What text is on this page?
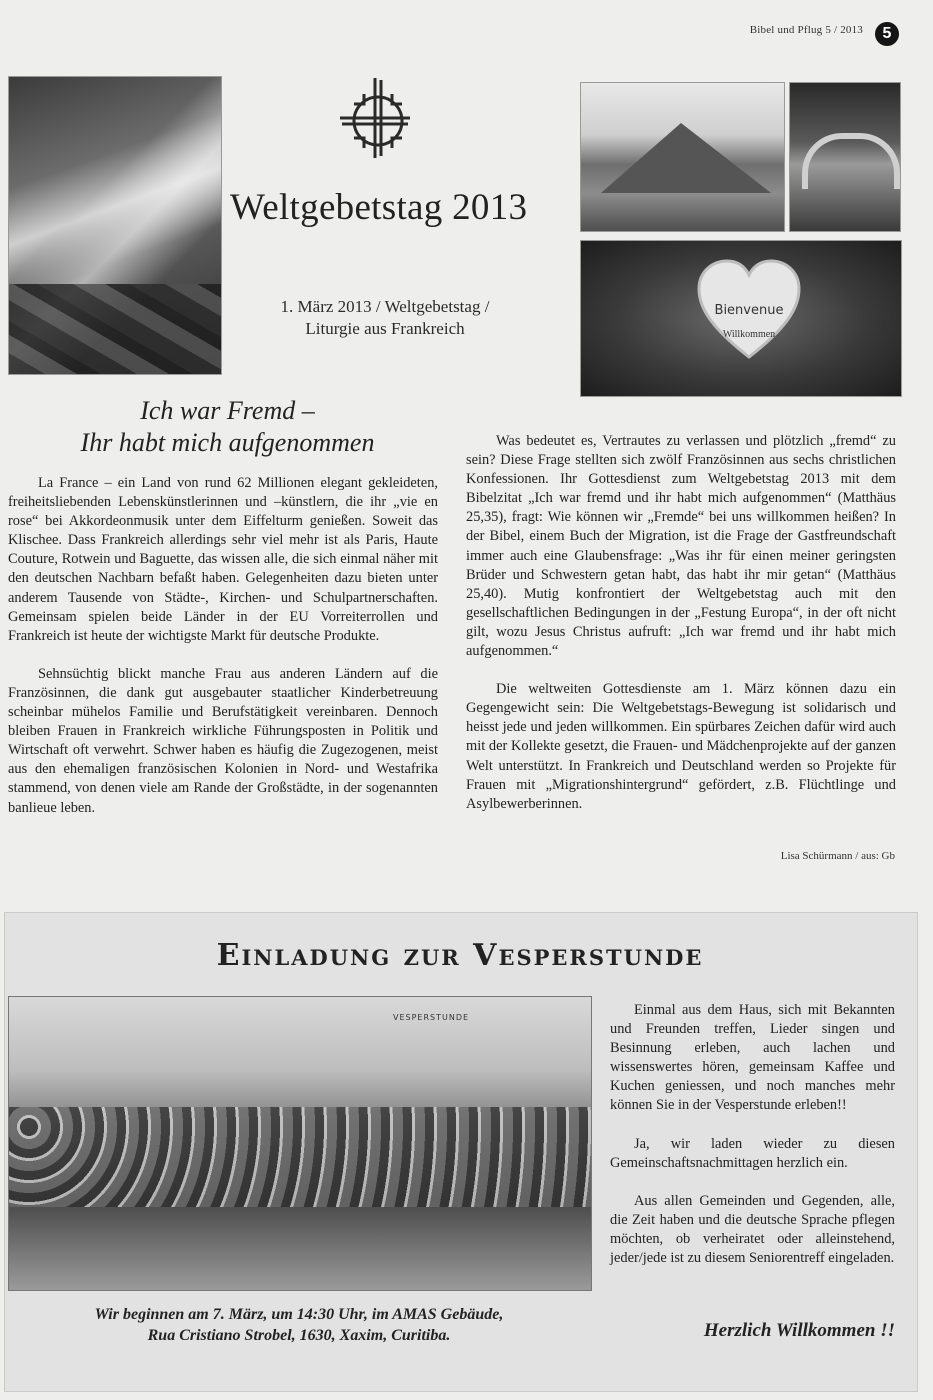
Bibel und Pflug 5 / 2013	5
Bienvenue
Willkommen
Weltgebetstag 2013
1. März 2013 / Weltgebetstag /
Liturgie aus Frankreich
Ich war Fremd –
Ihr habt mich aufgenommen

La France – ein Land von rund 62 Millionen elegant gekleideten, freiheitsliebenden Lebenskünstlerinnen und –künstlern, die ihr „vie en rose“ bei Akkordeonmusik unter dem Eiffelturm genießen. Soweit das Klischee. Dass Frankreich allerdings sehr viel mehr ist als Paris, Haute Couture, Rotwein und Baguette, das wissen alle, die sich einmal näher mit den deutschen Nachbarn befaßt haben. Gelegenheiten dazu bieten unter anderem Tausende von Städte-, Kirchen- und Schulpartnerschaften. Gemeinsam spielen beide Länder in der EU Vorreiterrollen und Frankreich ist heute der wichtigste Markt für deutsche Produkte.

Sehnsüchtig blickt manche Frau aus anderen Ländern auf die Französinnen, die dank gut ausgebauter staatlicher Kinderbetreuung scheinbar mühelos Familie und Berufstätigkeit vereinbaren. Dennoch bleiben Frauen in Frankreich wirkliche Führungsposten in Politik und Wirtschaft oft verwehrt. Schwer haben es häufig die Zugezogenen, meist aus den ehemaligen französischen Kolonien in Nord- und Westafrika stammend, von denen viele am Rande der Großstädte, in der sogenannten banlieue leben.

Was bedeutet es, Vertrautes zu verlassen und plötzlich „fremd“ zu sein? Diese Frage stellten sich zwölf Französinnen aus sechs christlichen Konfessionen. Ihr Gottesdienst zum Weltgebetstag 2013 mit dem Bibelzitat „Ich war fremd und ihr habt mich aufgenommen“ (Matthäus 25,35), fragt: Wie können wir „Fremde“ bei uns willkommen heißen? In der Bibel, einem Buch der Migration, ist die Frage der Gastfreundschaft immer auch eine Glaubensfrage: „Was ihr für einen meiner geringsten Brüder und Schwestern getan habt, das habt ihr mir getan“ (Matthäus 25,40). Mutig konfrontiert der Weltgebetstag auch mit den gesellschaftlichen Bedingungen in der „Festung Europa“, in der oft nicht gilt, wozu Jesus Christus aufruft: „Ich war fremd und ihr habt mich aufgenommen.“

Die weltweiten Gottesdienste am 1. März können dazu ein Gegengewicht sein: Die Weltgebetstags-Bewegung ist solidarisch und heisst jede und jeden willkommen. Ein spürbares Zeichen dafür wird auch mit der Kollekte gesetzt, die Frauen- und Mädchenprojekte auf der ganzen Welt unterstützt. In Frankreich und Deutschland werden so Projekte für Frauen mit „Migrationshintergrund“ gefördert, z.B. Flüchtlinge und Asylbewerberinnen.

Lisa Schürmann / aus: Gb
Einladung zur Vesperstunde
VESPERSTUNDE
Wir beginnen am 7. März, um 14:30 Uhr, im AMAS Gebäude,
Rua Cristiano Strobel, 1630, Xaxim, Curitiba.

Einmal aus dem Haus, sich mit Bekannten und Freunden treffen, Lieder singen und Besinnung erleben, auch lachen und wissenswertes hören, gemeinsam Kaffee und Kuchen geniessen, und noch manches mehr können Sie in der Vesperstunde erleben!!

Ja, wir laden wieder zu diesen Gemeinschaftsnachmittagen herzlich ein.

Aus allen Gemeinden und Gegenden, alle, die Zeit haben und die deutsche Sprache pflegen möchten, ob verheiratet oder alleinstehend, jeder/jede ist zu diesem Seniorentreff eingeladen.

Herzlich Willkommen !!
